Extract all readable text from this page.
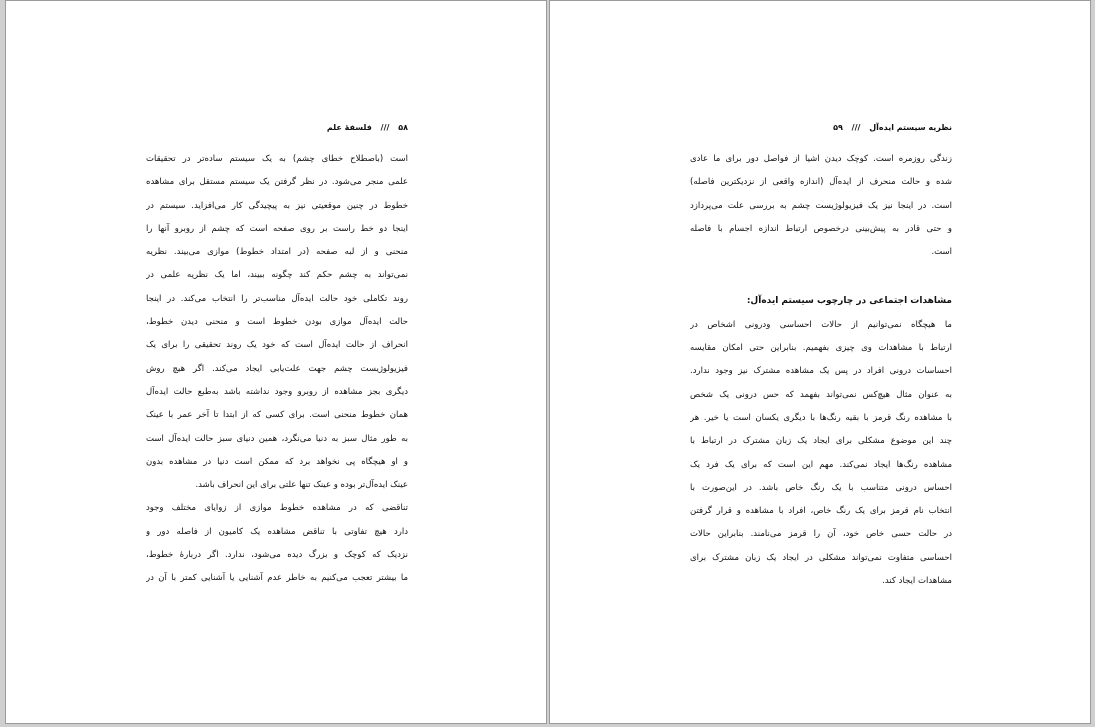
۵۸ /// فلسفهٔ علم
است (باصطلاح خطای چشم) به یک سیستم ساده‌تر در تحقیقات
علمی منجر می‌شود. در نظر گرفتن یک سیستم مستقل برای مشاهده
خطوط در چنین موقعیتی نیز به پیچیدگی کار می‌افزاید. سیستم در
اینجا دو خط راست بر روی صفحه است که چشم از روبرو آنها را
منحنی و از لبه صفحه (در امتداد خطوط) موازی می‌بیند. نظریه
نمی‌تواند به چشم حکم کند چگونه ببیند، اما یک نظریه علمی در
روند تکاملی خود حالت ایده‌آل مناسب‌تر را انتخاب می‌کند. در اینجا
حالت ایده‌آل موازی بودن خطوط است و منحنی دیدن خطوط،
انحراف از حالت ایده‌آل است که خود یک روند تحقیقی را برای یک
فیزیولوژیست چشم جهت علت‌یابی ایجاد می‌کند. اگر هیچ روش
دیگری بجز مشاهده از روبرو وجود نداشته باشد به‌طبع حالت ایده‌آل
همان خطوط منحنی است. برای کسی که از ابتدا تا آخر عمر با عینک
به طور مثال سبز به دنیا می‌نگرد، همین دنیای سبز حالت ایده‌آل است
و او هیچگاه پی نخواهد برد که ممکن است دنیا در مشاهده بدون
عینک ایده‌آل‌تر بوده و عینک تنها علتی برای این انحراف باشد.
تناقضی که در مشاهده خطوط موازی از زوایای مختلف وجود
دارد هیچ تفاوتی با تناقض مشاهده یک کامیون از فاصله دور و
نزدیک که کوچک و بزرگ دیده می‌شود، ندارد. اگر دربارهٔ خطوط،
ما بیشتر تعجب می‌کنیم به خاطر عدم آشنایی یا آشنایی کمتر با آن در
نظریه سیستم ایده‌آل /// ۵۹
زندگی روزمره است. کوچک دیدن اشیا از فواصل دور برای ما عادی
شده و حالت منحرف از ایده‌آل (اندازه واقعی از نزدیکترین فاصله)
است. در اینجا نیز یک فیزیولوژیست چشم به بررسی علت می‌پردازد
و حتی قادر به پیش‌بینی درخصوص ارتباط اندازه اجسام با فاصله
است.
مشاهدات اجتماعی در چارچوب سیستم ایده‌آل:
ما هیچگاه نمی‌توانیم از حالات احساسی ودرونی اشخاص در
ارتباط با مشاهدات وی چیزی بفهمیم. بنابراین حتی امکان مقایسه
احساسات درونی افراد در پس یک مشاهده مشترک نیز وجود ندارد.
به عنوان مثال هیچ‌کس نمی‌تواند بفهمد که حس درونی یک شخص
با مشاهده رنگ قرمز با بقیه رنگ‌ها با دیگری یکسان است یا خیر. هر
چند این موضوع مشکلی برای ایجاد یک زبان مشترک در ارتباط با
مشاهده رنگ‌ها ایجاد نمی‌کند. مهم این است که برای یک فرد یک
احساس درونی متناسب با یک رنگ خاص باشد. در این‌صورت با
انتخاب نام قرمز برای یک رنگ خاص، افراد با مشاهده و قرار گرفتن
در حالت حسی خاص خود، آن را قرمز می‌نامند. بنابراین حالات
احساسی متفاوت نمی‌تواند مشکلی در ایجاد یک زبان مشترک برای
مشاهدات ایجاد کند.
